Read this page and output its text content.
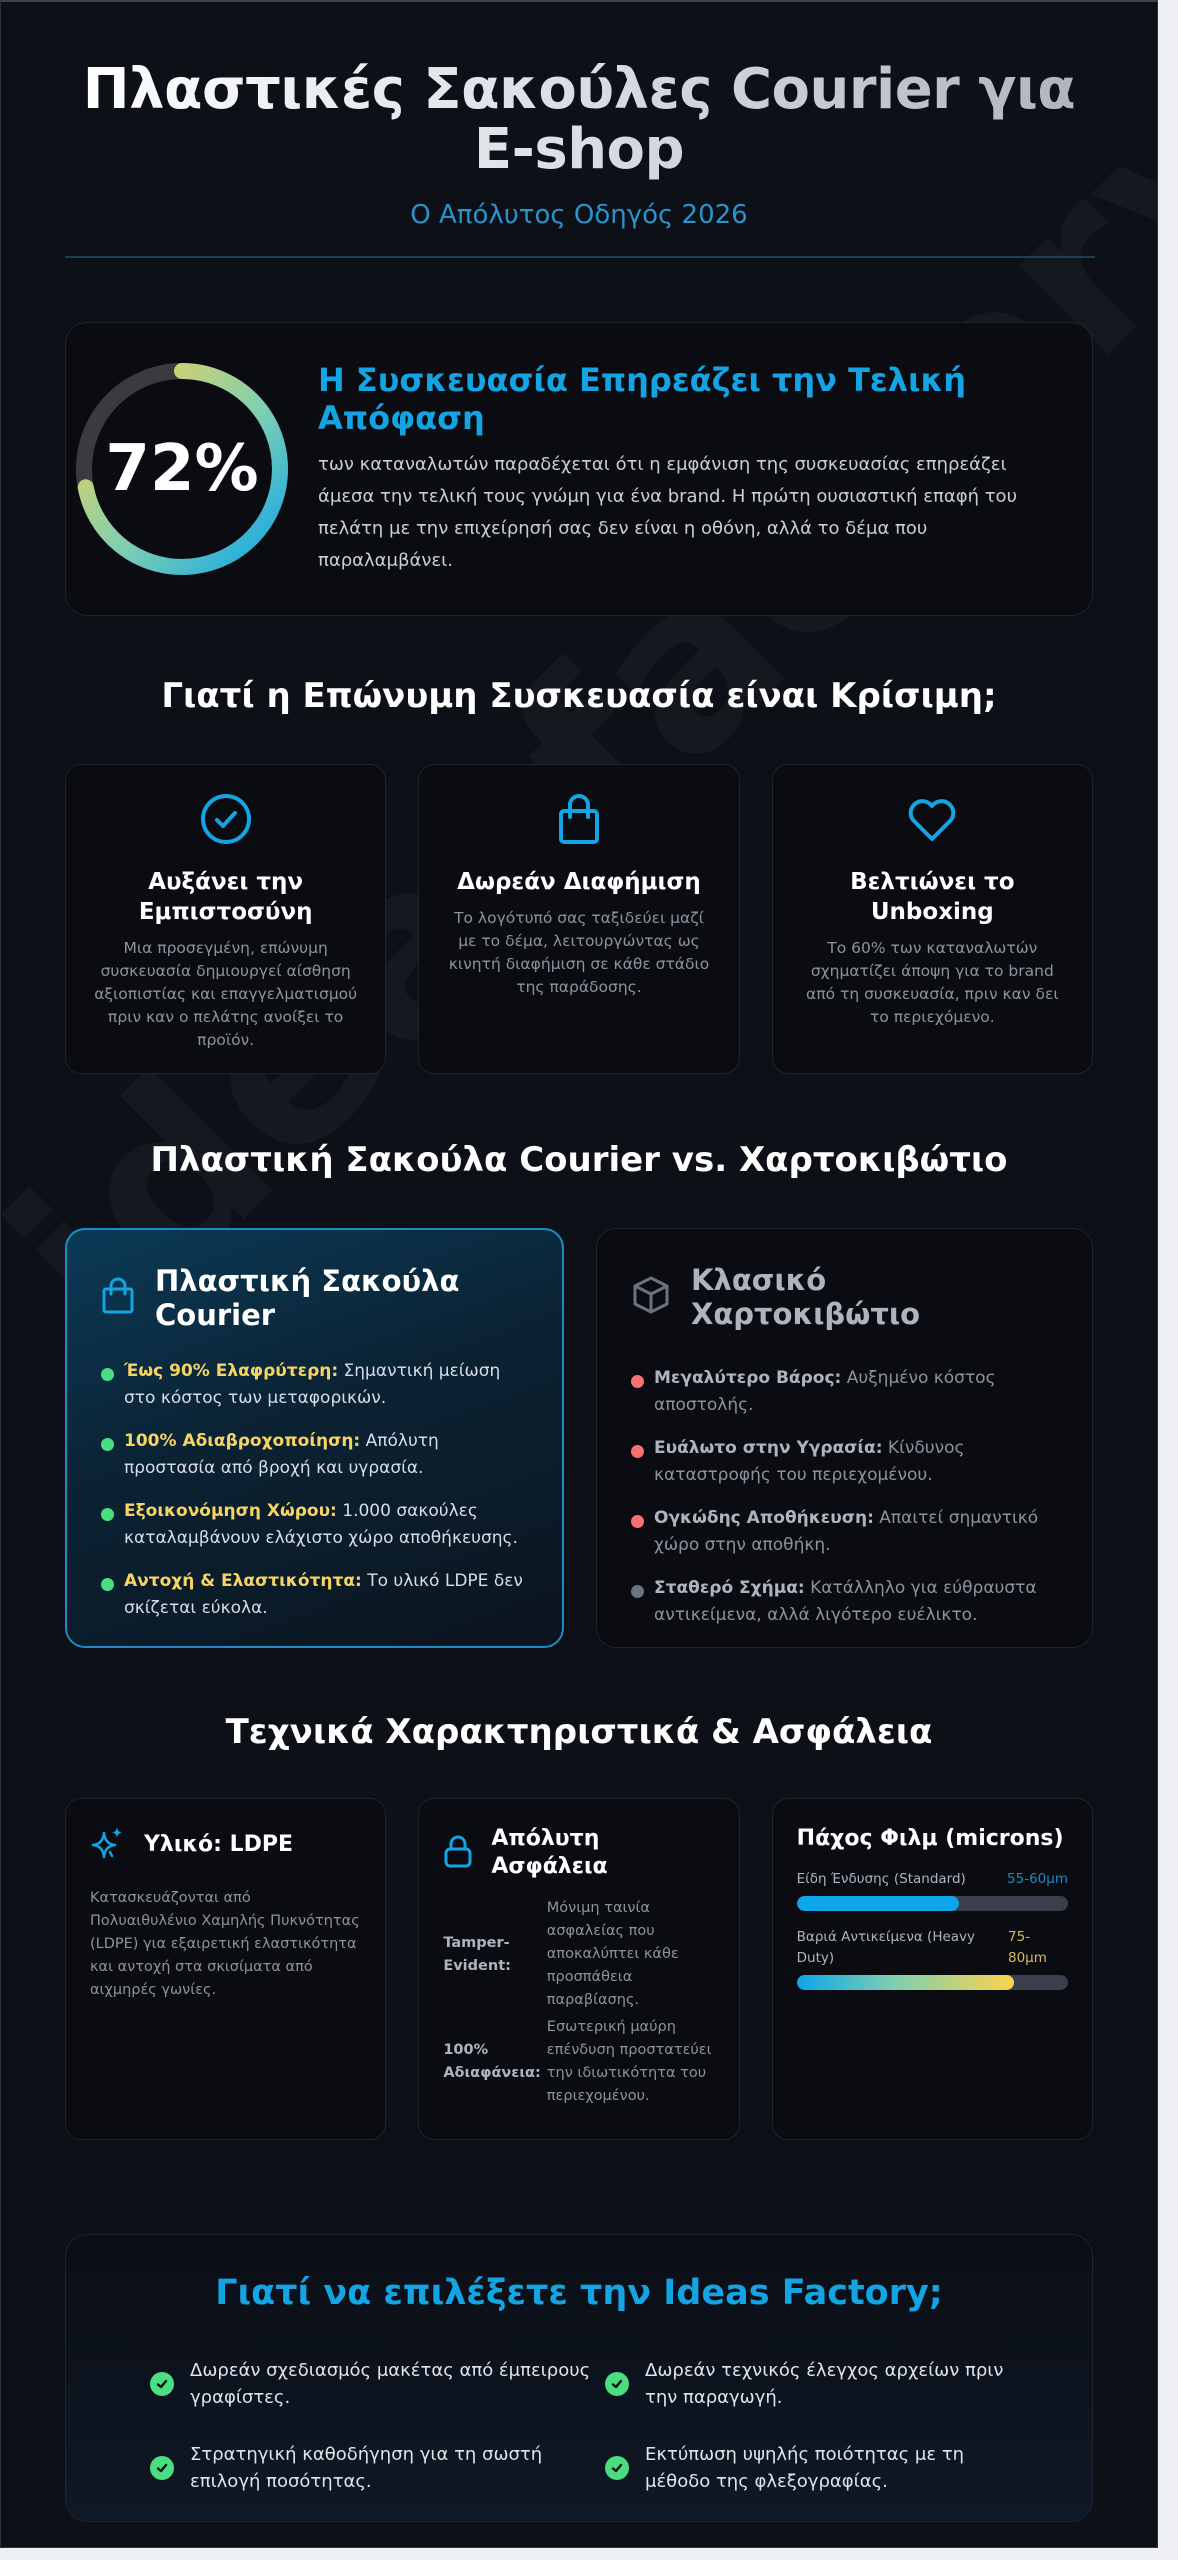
Πλαστικές Σακούλες Courier για E-shop
Ο Απόλυτος Οδηγός 2026
72%
Η Συσκευασία Επηρεάζει την Τελική Απόφαση

των καταναλωτών παραδέχεται ότι η εμφάνιση της συσκευασίας επηρεάζει άμεσα την τελική τους γνώμη για ένα brand. Η πρώτη ουσιαστική επαφή του πελάτη με την επιχείρησή σας δεν είναι η οθόνη, αλλά το δέμα που παραλαμβάνει.

Γιατί η Επώνυμη Συσκευασία είναι Κρίσιμη;
Αυξάνει την Εμπιστοσύνη

Μια προσεγμένη, επώνυμη συσκευασία δημιουργεί αίσθηση αξιοπιστίας και επαγγελματισμού πριν καν ο πελάτης ανοίξει το προϊόν.

Δωρεάν Διαφήμιση

Το λογότυπό σας ταξιδεύει μαζί με το δέμα, λειτουργώντας ως κινητή διαφήμιση σε κάθε στάδιο της παράδοσης.

Βελτιώνει το Unboxing

Το 60% των καταναλωτών σχηματίζει άποψη για το brand από τη συσκευασία, πριν καν δει το περιεχόμενο.

Πλαστική Σακούλα Courier vs. Χαρτοκιβώτιο
Πλαστική Σακούλα Courier
Έως 90% Ελαφρύτερη: Σημαντική μείωση στο κόστος των μεταφορικών.
100% Αδιαβροχοποίηση: Απόλυτη προστασία από βροχή και υγρασία.
Εξοικονόμηση Χώρου: 1.000 σακούλες καταλαμβάνουν ελάχιστο χώρο αποθήκευσης.
Αντοχή & Ελαστικότητα: Το υλικό LDPE δεν σκίζεται εύκολα.
Κλασικό Χαρτοκιβώτιο
Μεγαλύτερο Βάρος: Αυξημένο κόστος αποστολής.
Ευάλωτο στην Υγρασία: Κίνδυνος καταστροφής του περιεχομένου.
Ογκώδης Αποθήκευση: Απαιτεί σημαντικό χώρο στην αποθήκη.
Σταθερό Σχήμα: Κατάλληλο για εύθραυστα αντικείμενα, αλλά λιγότερο ευέλικτο.
Τεχνικά Χαρακτηριστικά & Ασφάλεια
Υλικό: LDPE

Κατασκευάζονται από Πολυαιθυλένιο Χαμηλής Πυκνότητας (LDPE) για εξαιρετική ελαστικότητα και αντοχή στα σκισίματα από αιχμηρές γωνίες.

Απόλυτη Ασφάλεια
Tamper-Evident:	Μόνιμη ταινία ασφαλείας που αποκαλύπτει κάθε προσπάθεια παραβίασης.
100% Αδιαφάνεια:	Εσωτερική μαύρη επένδυση προστατεύει την ιδιωτικότητα του περιεχομένου.
Πάχος Φιλμ (microns)
Είδη Ένδυσης (Standard)	55-60μm
Βαριά Αντικείμενα (Heavy Duty)
75-80μm
Γιατί να επιλέξετε την Ideas Factory;
Δωρεάν σχεδιασμός μακέτας από έμπειρους γραφίστες.
Δωρεάν τεχνικός έλεγχος αρχείων πριν την παραγωγή.
Στρατηγική καθοδήγηση για τη σωστή επιλογή ποσότητας.
Εκτύπωση υψηλής ποιότητας με τη μέθοδο της φλεξογραφίας.
